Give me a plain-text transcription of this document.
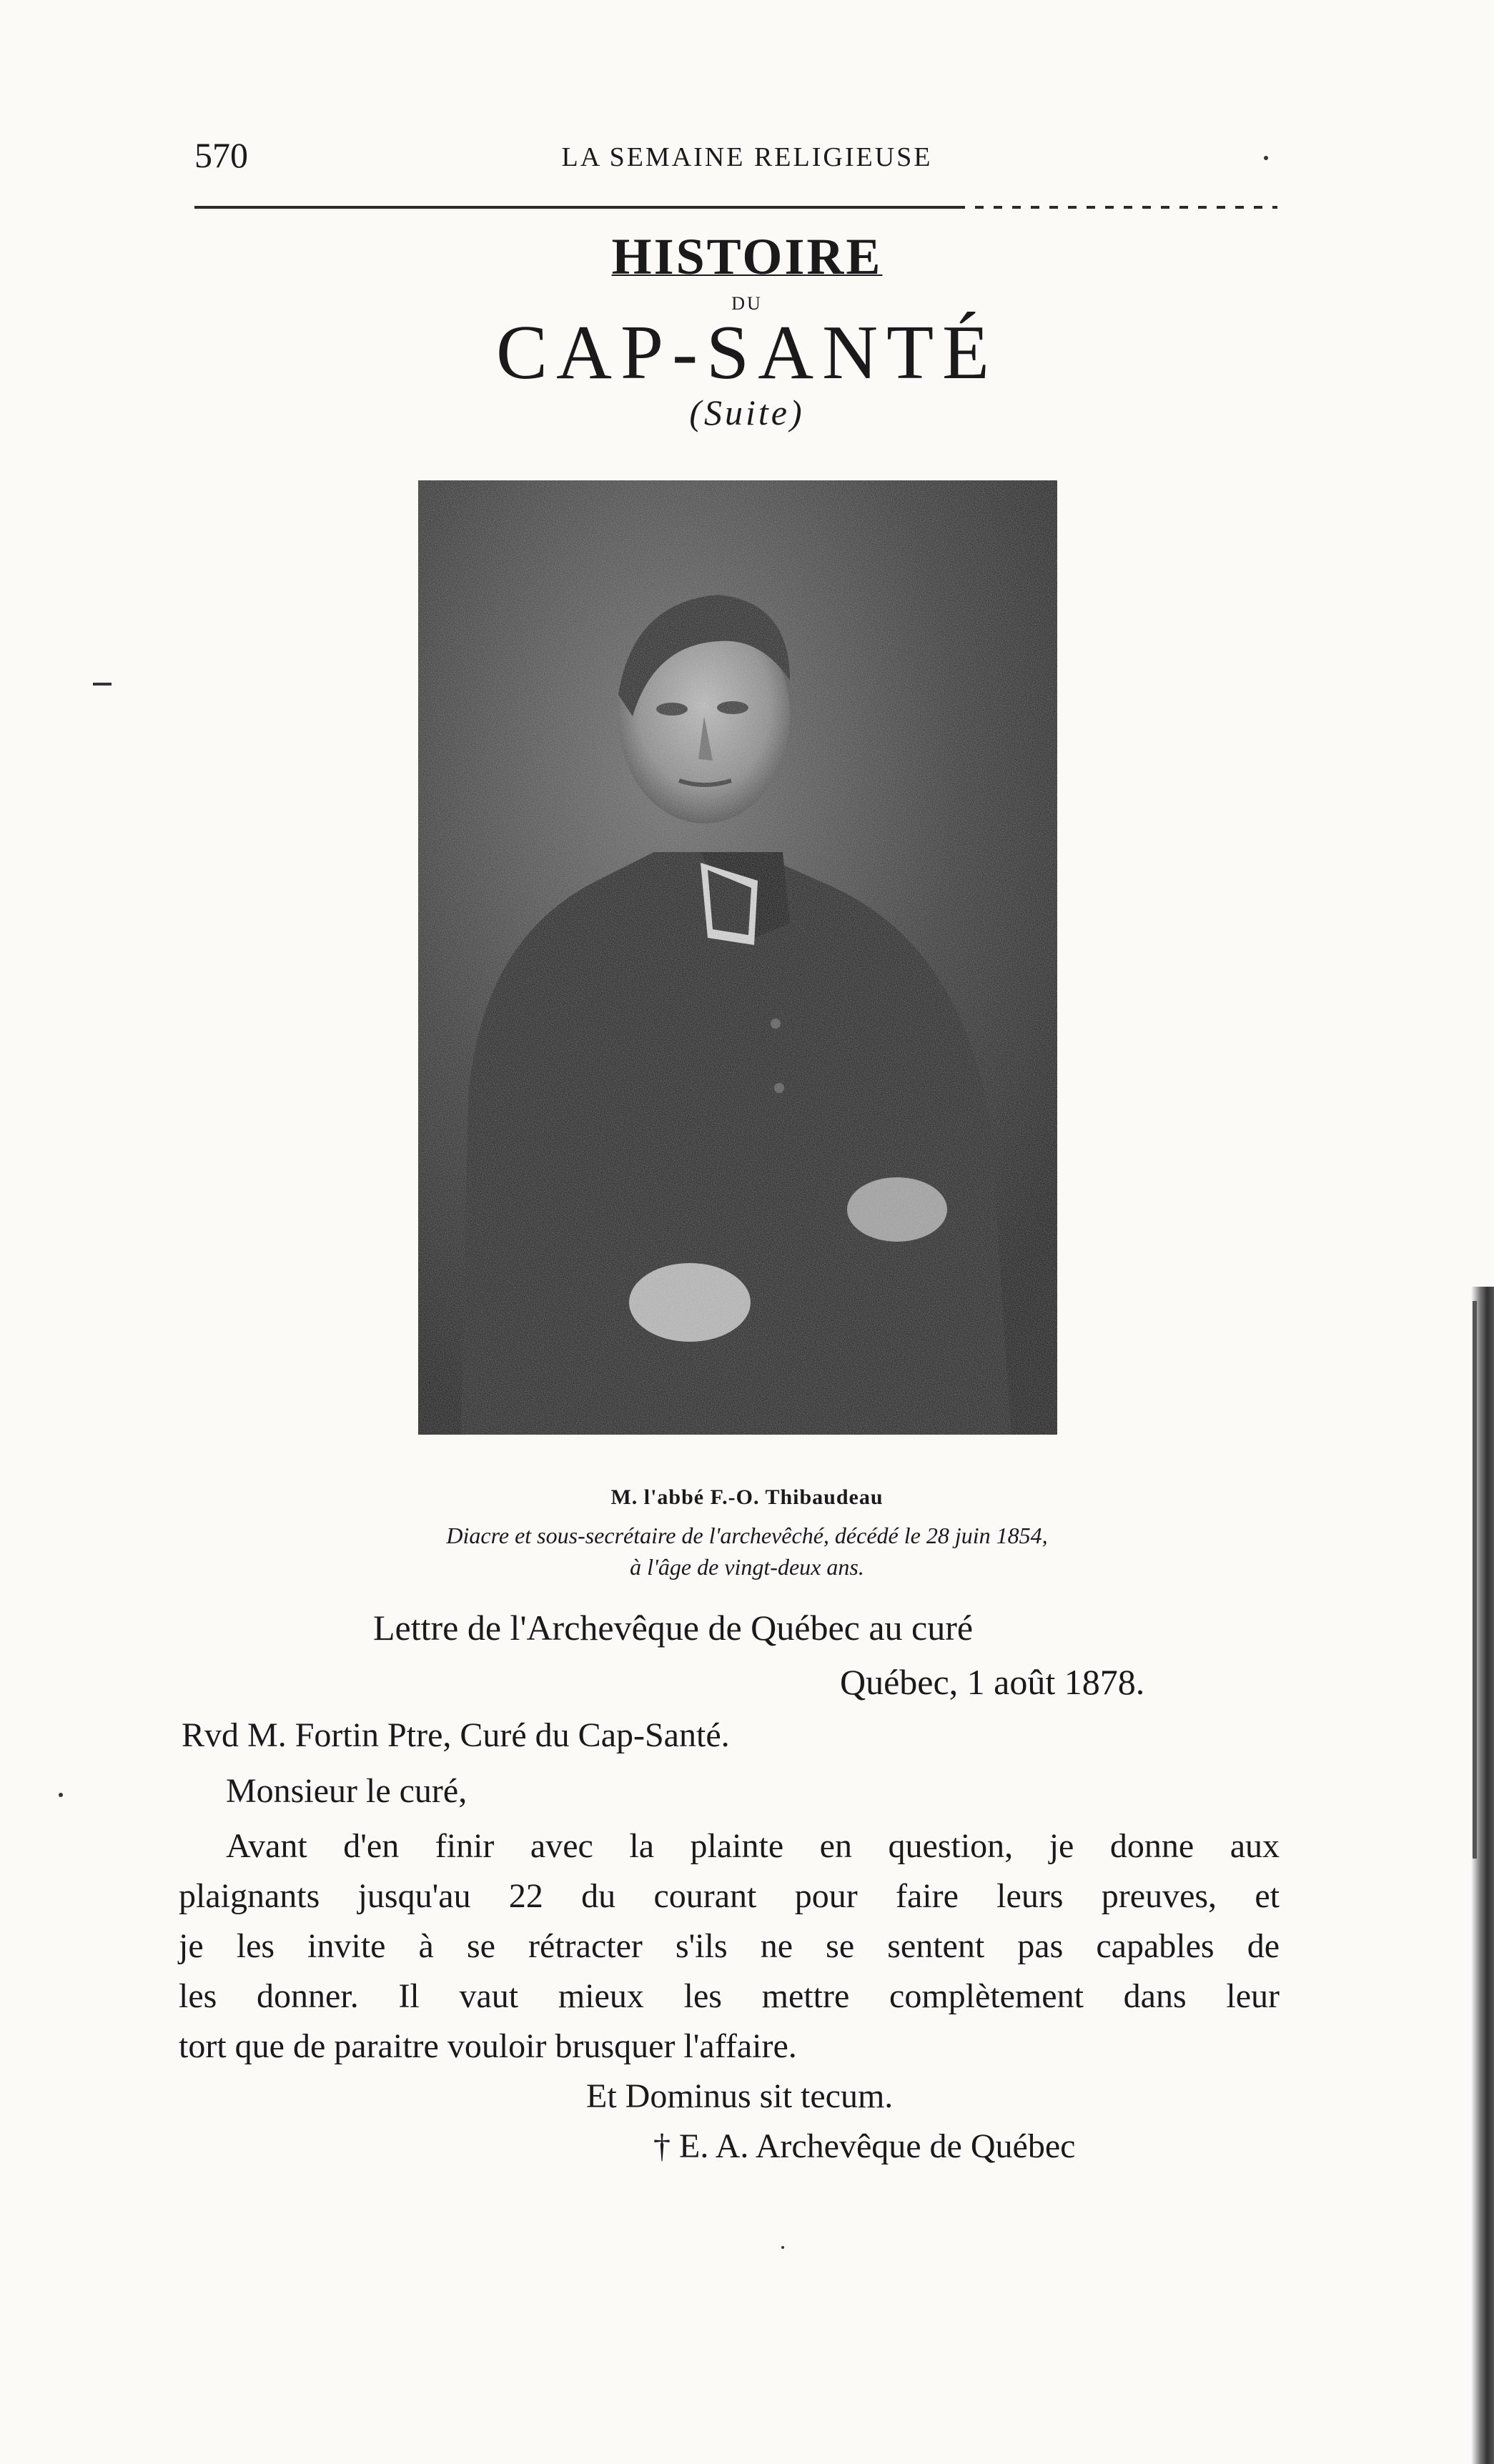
570	LA SEMAINE RELIGIEUSE
HISTOIRE
DU
CAP-SANTÉ
(Suite)
M. l'abbé F.-O. Thibaudeau
Diacre et sous-secrétaire de l'archevêché, décédé le 28 juin 1854,
à l'âge de vingt-deux ans.
Lettre de l'Archevêque de Québec au curé
Québec, 1 août 1878.
Rvd M. Fortin Ptre, Curé du Cap-Santé.
Monsieur le curé,
Avant d'en finir avec la plainte en question, je donne aux
plaignants jusqu'au 22 du courant pour faire leurs preuves, et
je les invite à se rétracter s'ils ne se sentent pas capables de
les donner. Il vaut mieux les mettre complètement dans leur
tort que de paraitre vouloir brusquer l'affaire.
Et Dominus sit tecum.
† E. A. Archevêque de Québec
